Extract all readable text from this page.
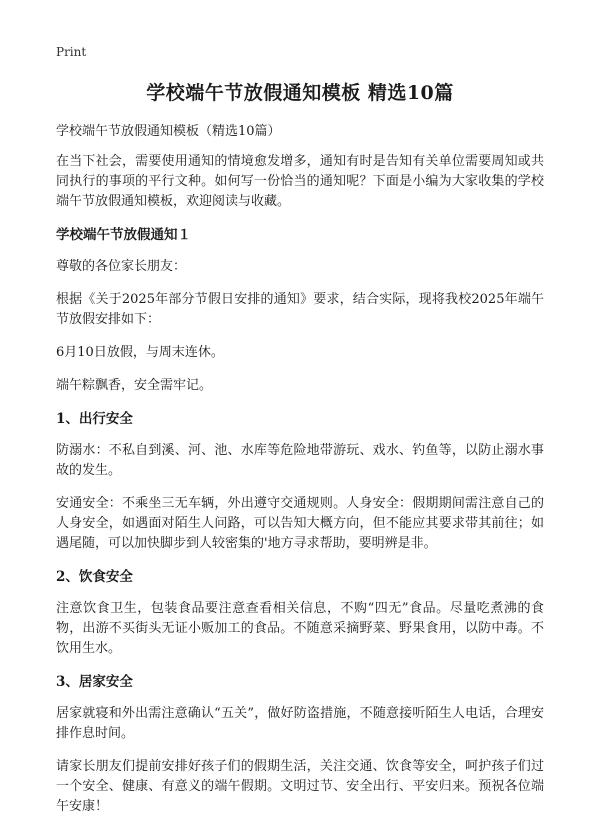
Print
学校端午节放假通知模板 精选10篇

学校端午节放假通知模板（精选10篇）

在当下社会，需要使用通知的情境愈发增多，通知有时是告知有关单位需要周知或共同执行的事项的平行文种。如何写一份恰当的通知呢？下面是小编为大家收集的学校端午节放假通知模板，欢迎阅读与收藏。

学校端午节放假通知１

尊敬的各位家长朋友：

根据《关于2025年部分节假日安排的通知》要求，结合实际，现将我校2025年端午节放假安排如下：

6月10日放假，与周末连休。

端午粽飘香，安全需牢记。

1、出行安全

防溺水：不私自到溪、河、池、水库等危险地带游玩、戏水、钓鱼等，以防止溺水事故的发生。

安通安全：不乘坐三无车辆，外出遵守交通规则。人身安全：假期期间需注意自己的人身安全，如遇面对陌生人问路，可以告知大概方向，但不能应其要求带其前往；如遇尾随，可以加快脚步到人较密集的'地方寻求帮助，要明辨是非。

2、饮食安全

注意饮食卫生，包装食品要注意查看相关信息，不购“四无”食品。尽量吃煮沸的食物，出游不买街头无证小贩加工的食品。不随意采摘野菜、野果食用，以防中毒。不饮用生水。

3、居家安全

居家就寝和外出需注意确认“五关”，做好防盗措施，不随意接听陌生人电话，合理安排作息时间。

请家长朋友们提前安排好孩子们的假期生活，关注交通、饮食等安全，呵护孩子们过一个安全、健康、有意义的端午假期。文明过节、安全出行、平安归来。预祝各位端午安康！
